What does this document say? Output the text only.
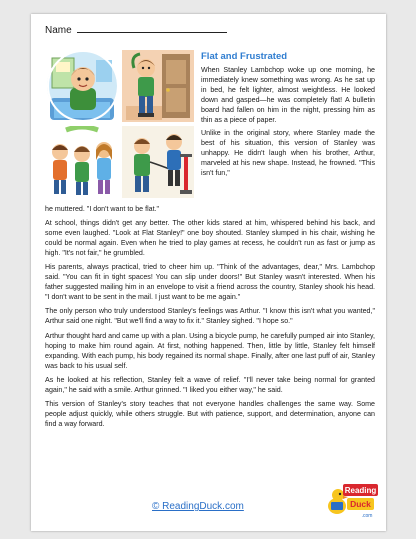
Name
Flat and Frustrated

When Stanley Lambchop woke up one morning, he immediately knew something was wrong. As he sat up in bed, he felt lighter, almost weightless. He looked down and gasped—he was completely flat! A bulletin board had fallen on him in the night, pressing him as thin as a piece of paper.

Unlike in the original story, where Stanley made the best of his situation, this version of Stanley was unhappy. He didn't laugh when his brother, Arthur, marveled at his new shape. Instead, he frowned. "This isn't fun,"

he muttered. "I don't want to be flat."

At school, things didn't get any better. The other kids stared at him, whispered behind his back, and some even laughed. "Look at Flat Stanley!" one boy shouted. Stanley slumped in his chair, wishing he could be normal again. Even when he tried to play games at recess, he couldn't run as fast or jump as high. "It's not fair," he grumbled.

His parents, always practical, tried to cheer him up. "Think of the advantages, dear," Mrs. Lambchop said. "You can fit in tight spaces! You can slip under doors!" But Stanley wasn't interested. When his father suggested mailing him in an envelope to visit a friend across the country, Stanley shook his head. "I don't want to be sent in the mail. I just want to be me again."

The only person who truly understood Stanley's feelings was Arthur. "I know this isn't what you wanted," Arthur said one night. "But we'll find a way to fix it." Stanley sighed. "I hope so."

Arthur thought hard and came up with a plan. Using a bicycle pump, he carefully pumped air into Stanley, hoping to make him round again. At first, nothing happened. Then, little by little, Stanley felt himself expanding. With each pump, his body regained its normal shape. Finally, after one last puff of air, Stanley was back to his usual self.

As he looked at his reflection, Stanley felt a wave of relief. "I'll never take being normal for granted again," he said with a smile. Arthur grinned. "I liked you either way," he said.

This version of Stanley's story teaches that not everyone handles challenges the same way. Some people adjust quickly, while others struggle. But with patience, support, and determination, anyone can find a way forward.

© ReadingDuck.com
Reading
Duck
.com
